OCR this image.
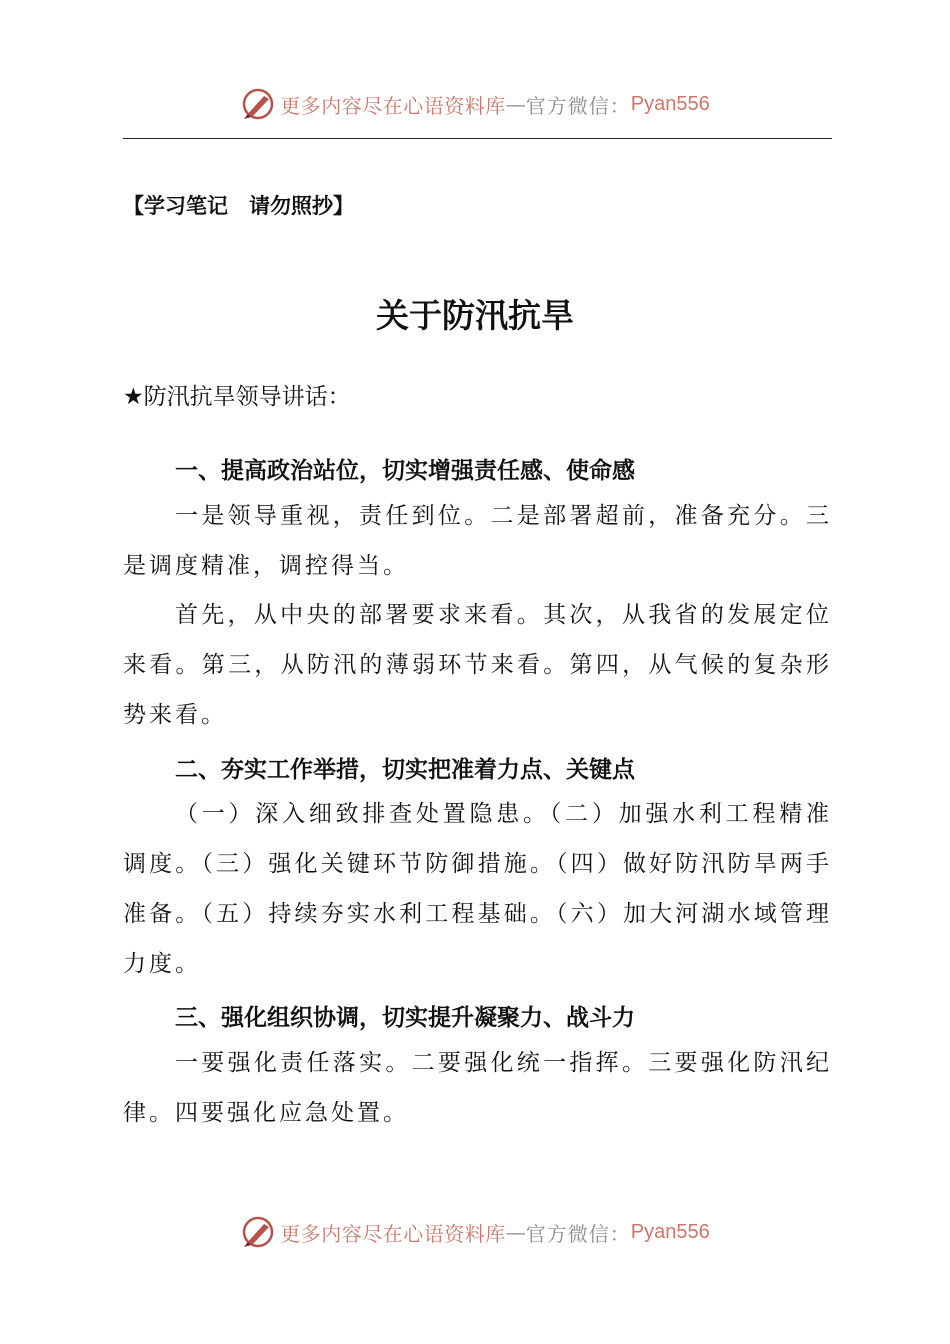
更多内容尽在心语资料库 — 官方微信： Pyan556
【学习笔记　请勿照抄】
关于防汛抗旱
★防汛抗旱领导讲话：
一、提高政治站位，切实增强责任感、使命感

一是领导重视，责任到位。二是部署超前，准备充分。三是调度精准，调控得当。

首先，从中央的部署要求来看。其次，从我省的发展定位来看。第三，从防汛的薄弱环节来看。第四，从气候的复杂形势来看。

二、夯实工作举措，切实把准着力点、关键点

（一）深入细致排查处置隐患。（二）加强水利工程精准调度。（三）强化关键环节防御措施。（四）做好防汛防旱两手准备。（五）持续夯实水利工程基础。（六）加大河湖水域管理力度。

三、强化组织协调，切实提升凝聚力、战斗力

一要强化责任落实。二要强化统一指挥。三要强化防汛纪律。四要强化应急处置。

更多内容尽在心语资料库 — 官方微信： Pyan556
